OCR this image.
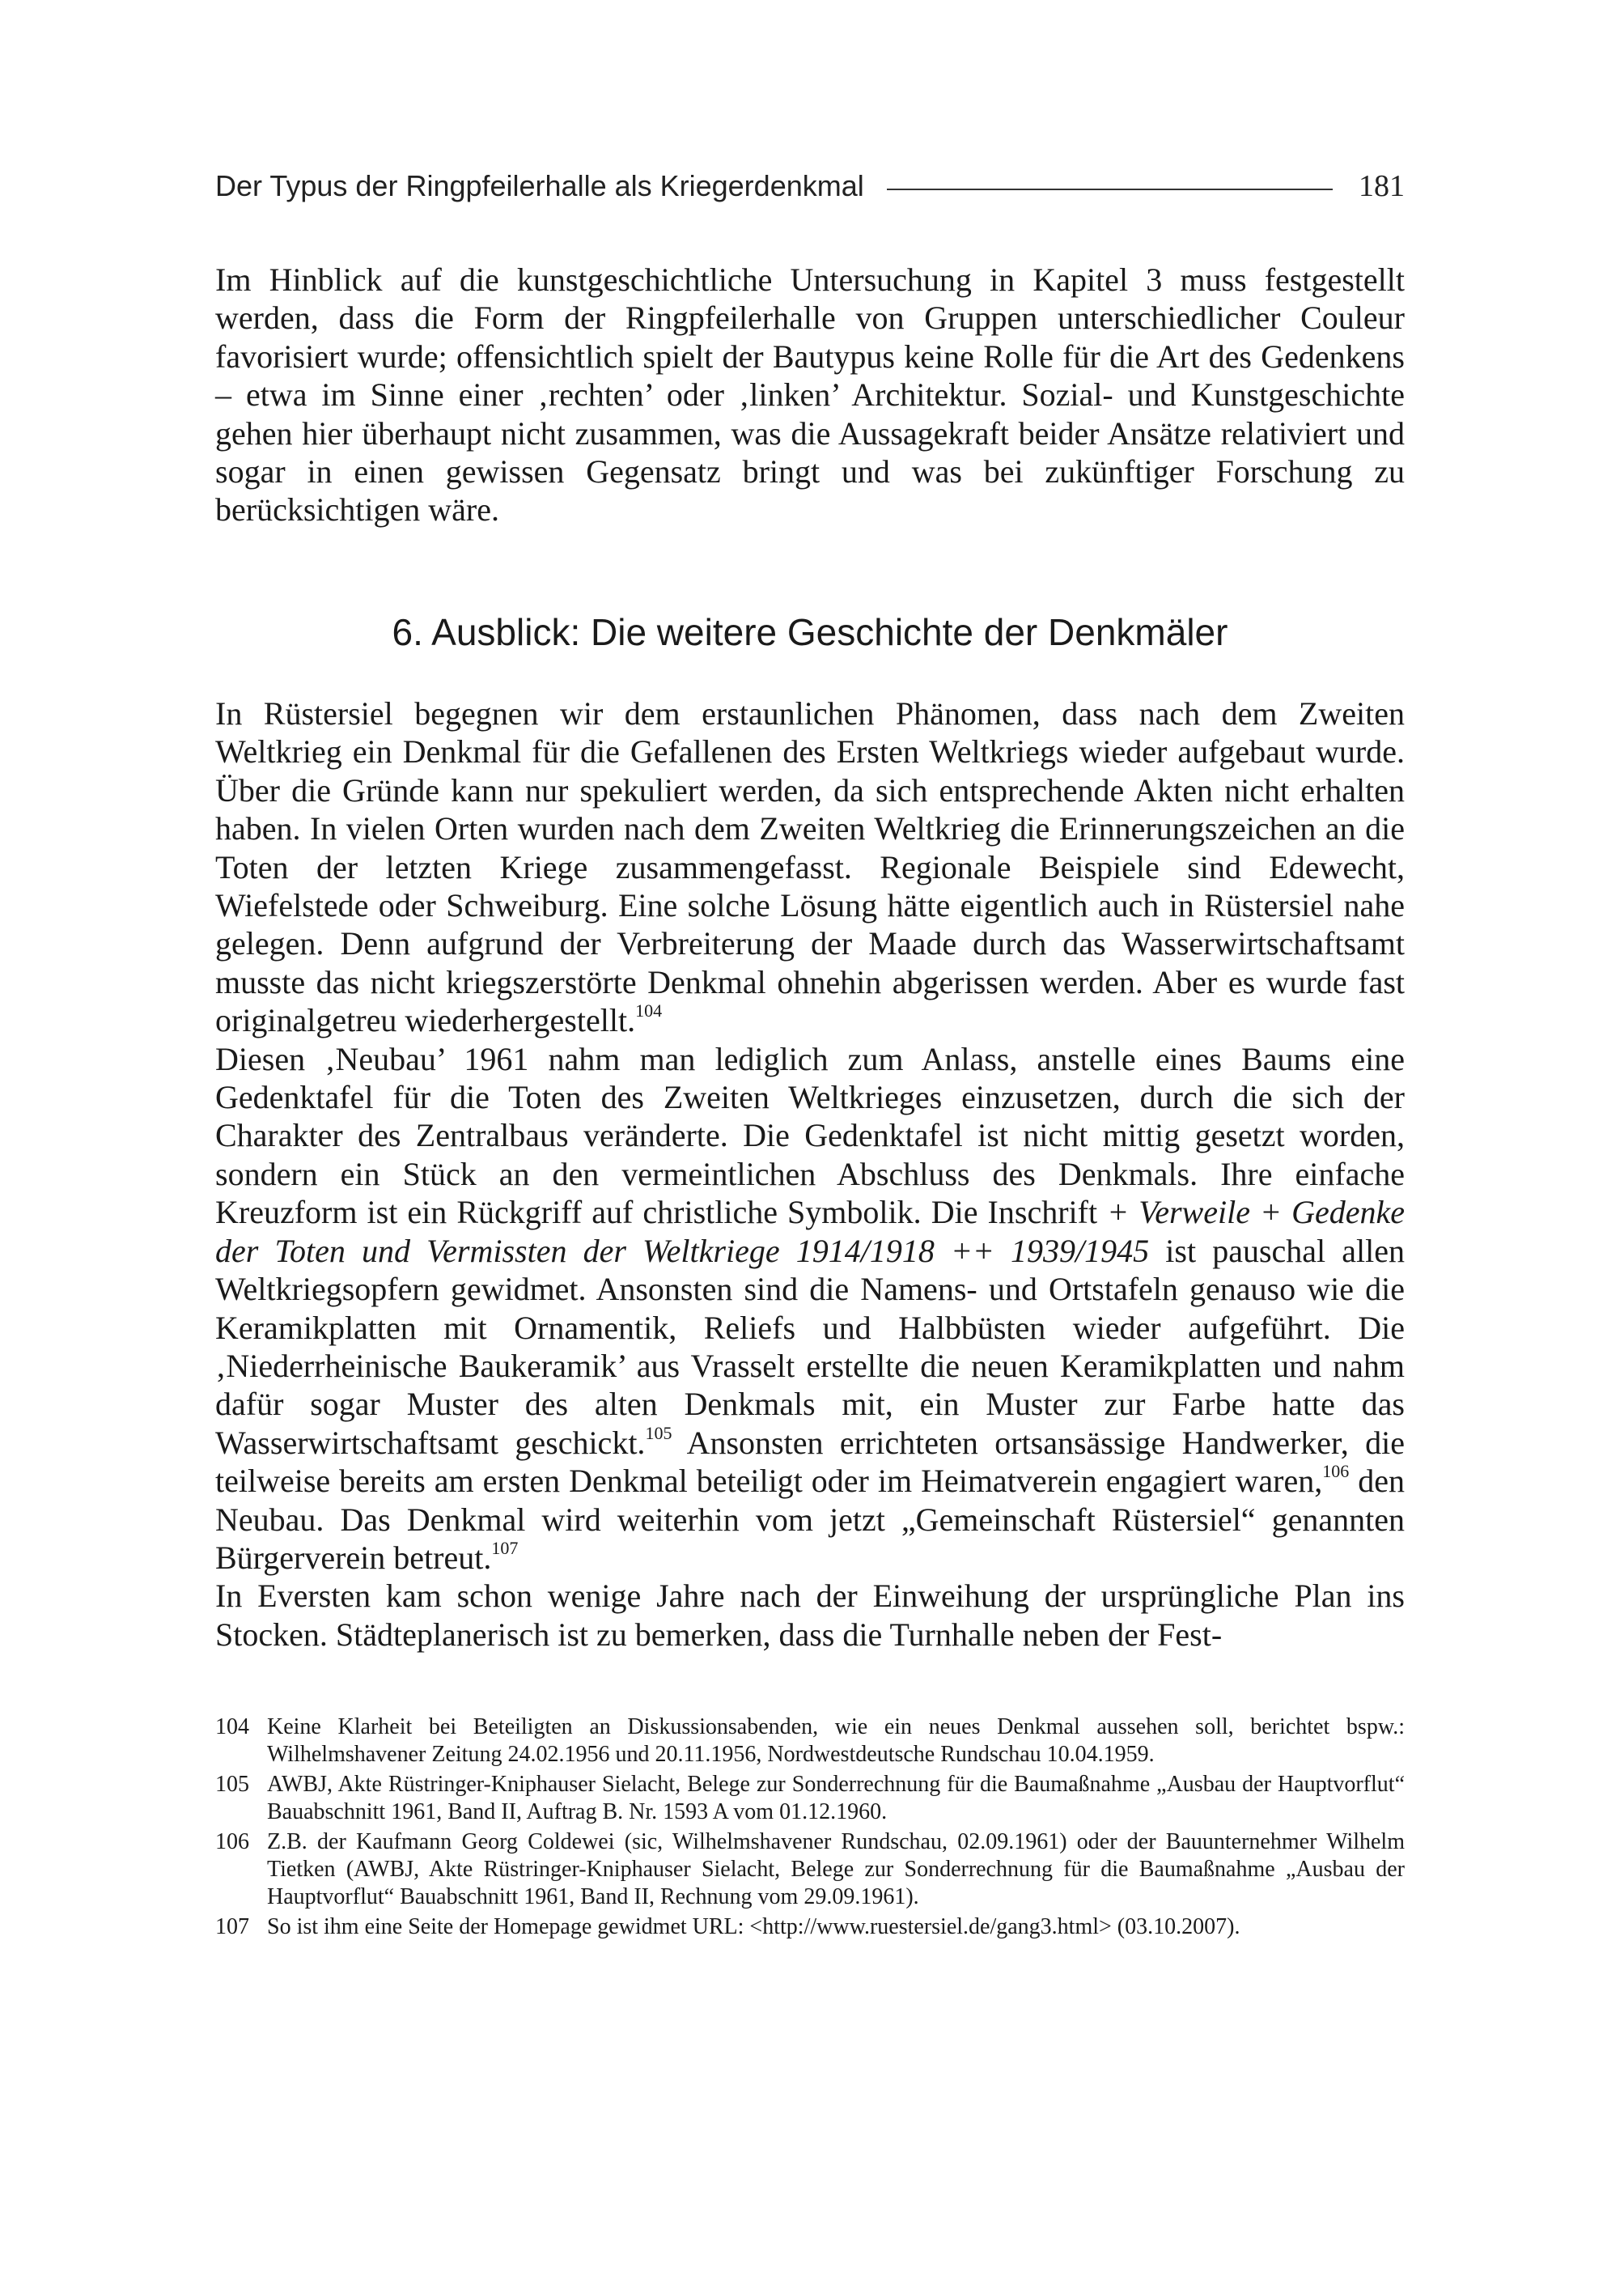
Der Typus der Ringpfeilerhalle als Kriegerdenkmal	181

Im Hinblick auf die kunstgeschichtliche Untersuchung in Kapitel 3 muss festgestellt werden, dass die Form der Ringpfeilerhalle von Gruppen unterschiedlicher Couleur favorisiert wurde; offensichtlich spielt der Bautypus keine Rolle für die Art des Gedenkens – etwa im Sinne einer ‚rechten’ oder ‚linken’ Architektur. Sozial- und Kunstgeschichte gehen hier überhaupt nicht zusammen, was die Aussagekraft beider Ansätze relativiert und sogar in einen gewissen Gegensatz bringt und was bei zukünftiger Forschung zu berücksichtigen wäre.

6. Ausblick: Die weitere Geschichte der Denkmäler

In Rüstersiel begegnen wir dem erstaunlichen Phänomen, dass nach dem Zweiten Weltkrieg ein Denkmal für die Gefallenen des Ersten Weltkriegs wieder aufgebaut wurde. Über die Gründe kann nur spekuliert werden, da sich entsprechende Akten nicht erhalten haben. In vielen Orten wurden nach dem Zweiten Weltkrieg die Erinnerungszeichen an die Toten der letzten Kriege zusammengefasst. Regionale Beispiele sind Edewecht, Wiefelstede oder Schweiburg. Eine solche Lösung hätte eigentlich auch in Rüstersiel nahe gelegen. Denn aufgrund der Verbreiterung der Maade durch das Wasserwirtschaftsamt musste das nicht kriegszerstörte Denkmal ohnehin abgerissen werden. Aber es wurde fast originalgetreu wiederhergestellt.$^{104}$
Diesen ‚Neubau’ 1961 nahm man lediglich zum Anlass, anstelle eines Baums eine Gedenktafel für die Toten des Zweiten Weltkrieges einzusetzen, durch die sich der Charakter des Zentralbaus veränderte. Die Gedenktafel ist nicht mittig gesetzt worden, sondern ein Stück an den vermeintlichen Abschluss des Denkmals. Ihre einfache Kreuzform ist ein Rückgriff auf christliche Symbolik. Die Inschrift + Verweile + Gedenke der Toten und Vermissten der Weltkriege 1914/1918 ++ 1939/1945 ist pauschal allen Weltkriegsopfern gewidmet. Ansonsten sind die Namens- und Ortstafeln genauso wie die Keramikplatten mit Ornamentik, Reliefs und Halbbüsten wieder aufgeführt. Die ‚Niederrheinische Baukeramik’ aus Vrasselt erstellte die neuen Keramikplatten und nahm dafür sogar Muster des alten Denkmals mit, ein Muster zur Farbe hatte das Wasserwirtschaftsamt geschickt.$^{105}$ Ansonsten errichteten ortsansässige Handwerker, die teilweise bereits am ersten Denkmal beteiligt oder im Heimatverein engagiert waren,$^{106}$ den Neubau. Das Denkmal wird weiterhin vom jetzt „Gemeinschaft Rüstersiel“ genannten Bürgerverein betreut.$^{107}$
In Eversten kam schon wenige Jahre nach der Einweihung der ursprüngliche Plan ins Stocken. Städteplanerisch ist zu bemerken, dass die Turnhalle neben der Fest-

104 Keine Klarheit bei Beteiligten an Diskussionsabenden, wie ein neues Denkmal aussehen soll, berichtet bspw.: Wilhelmshavener Zeitung 24.02.1956 und 20.11.1956, Nordwestdeutsche Rundschau 10.04.1959.
105 AWBJ, Akte Rüstringer-Kniphauser Sielacht, Belege zur Sonderrechnung für die Baumaßnahme „Ausbau der Hauptvorflut“ Bauabschnitt 1961, Band II, Auftrag B. Nr. 1593 A vom 01.12.1960.
106 Z.B. der Kaufmann Georg Coldewei (sic, Wilhelmshavener Rundschau, 02.09.1961) oder der Bauunternehmer Wilhelm Tietken (AWBJ, Akte Rüstringer-Kniphauser Sielacht, Belege zur Sonderrechnung für die Baumaßnahme „Ausbau der Hauptvorflut“ Bauabschnitt 1961, Band II, Rechnung vom 29.09.1961).
107 So ist ihm eine Seite der Homepage gewidmet URL: <http://www.ruestersiel.de/gang3.html> (03.10.2007).
